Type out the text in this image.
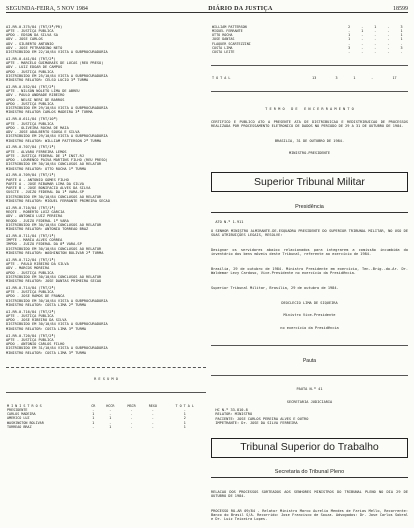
SEGUNDA-FEIRA, 5 NOV 1984	DIÁRIO DA JUSTIÇA	18599

AI.RR-0.375/84 (TRT/3ª/PR)
APTE - JUSTIÇA PUBLICA
APDO - EDSON DA SILVA SA
ADV - JOSE CARLOS
ADV - GILBERTO ANTONIO
ADV - JOSE PETRARDINO NETO
DISTRIBUIDO EM 22/10/84 VISTA A SUBPROCURADORIA
AI.RR-0.441/84 (TRT/2ª)
APTE - MARCELO GUIMARAES DE LUCAS (REU PRESO)
ADV - LUIZ EDGAR DE CAMPOS
APDO - JUSTIÇA PUBLICA
DISTRIBUIDO EM 25/10/84 VISTA A SUBPROCURADORIA
MINISTRO RELATOR: CELSO LUCIO 3ª TURMA
AI.RR-0.552/84 (TRT/2ª)
APTE - NILSON NOLETO LIMA DE ABREU
ADV - PAULO ANDRADE RIBEIRO
APDO - NELSI NERI DE BARROS
APDO - JUSTIÇA PUBLICA
DISTRIBUIDO EM 29/10/84 VISTA A SUBPROCURADORIA
MINISTRO RELATOR CARLOS MADEIRA 3ª TURMA
AI.RR-0.611/84 (TRT/10ª)
APTE - JUSTIÇA PUBLICA
APDO - OLIVEIRA ROCHA DE MAIA
ADV - JOSE ADALBERTO SOUSA E SILVA
DISTRIBUIDO EM 29/10/84 VISTA A SUBPROCURADORIA
MINISTRO RELATOR: WILLIAM PATTERSON 2ª TURMA
AI.RR-0.707/84 (TRT/1ª)
APTE - ALVARO FERREIRA LEMOS
APTE - JUSTIÇA FEDERAL DE 1ª INST-RJ
APDO - LOURENCO PAIVA MARTINS FILHO (REU PRESO)
DISTRIBUIDO EM 30/10/84 CONCLUSOS AO RELATOR
MINISTRO RELATOR: OTTO ROCHA 1ª TURMA
AI.RR-0.709/84 (TRT/1ª)
PARTE A - ANTONIO GOMES FILHO
PARTE A - JOSE RIBAMAR LIMA DA SILVA
PARTE B - JOSE BONIFACIO ALVES DA SILVA
SUSCTE - JUIZO FEDERAL DA 1ª VARA-SP
DISTRIBUIDO EM 30/10/84 CONCLUSOS AO RELATOR
MINISTRO RELATOR: MIGUEL FERRANTE PRIMEIRA SECAO
AI.RR-0.710/84 (TRT/1ª)
REQTE - ROBERTO LUIZ GARCIA
ADV - ANTONIO LUIZ PEREIRA
REQDO - JUIZO FEDERAL 1ª VARA
DISTRIBUIDO EM 30/10/84 CONCLUSOS AO RELATOR
MINISTRO RELATOR: ANTONIO TORREAO BRAZ
AI.RR-0.711/84 (TRT/1ª)
IMPTE - MARIA ALVES CORREA
IMPDO - JUIZO FEDERAL DA 8ª VARA-SP
DISTRIBUIDO EM 30/10/84 CONCLUSOS AO RELATOR
MINISTRO RELATOR: WASHINGTON BOLIVAR 2ª TURMA
AI.RR-0.712/84 (TRT/1ª)
APTE - PAULO RIBEIRO DA SILVA
ADV - MARCOS MOREIRA
APDO - JUSTIÇA PUBLICA
DISTRIBUIDO EM 30/10/84 CONCLUSOS AO RELATOR
MINISTRO RELATOR: JOSE DANTAS PRIMEIRA SECAO
AI.RR-0.714/84 (TRT/2ª)
APTE - JUSTIÇA PUBLICA
APDO - JOSE RAMOS DE FRANCA
DISTRIBUIDO EM 30/10/84 VISTA A SUBPROCURADORIA
MINISTRO RELATOR: COSTA LIMA 2ª TURMA
AI.RR-0.716/84 (TRT/2ª)
APTE - JUSTIÇA PUBLICA
APDO - JOSE RIBEIRO DA SILVA
DISTRIBUIDO EM 30/10/84 VISTA A SUBPROCURADORIA
MINISTRO RELATOR: COSTA LIMA 3ª TURMA
AI.RR-0.720/84 (TRT/2ª)
APTE - JUSTIÇA PUBLICA
APDO - ANTONIO CARLOS FILHO
DISTRIBUIDO EM 31/10/84 VISTA A SUBPROCURADORIA
MINISTRO RELATOR: COSTA LIMA 3ª TURMA

R E S U M O

M I N I S T R O S	CR	HCCR	MSCR	REXO	T O T A L
PRESIDENTE	-	-	-	-	-
CARLOS MADEIRA	1	-	-	-	1
AMERICO LUZ	1	1	-	-	2
WASHINGTON BOLIVAR	1	-	-	-	1
TORREAO BRAZ	-	1	-	-	1

WILLIAM PATTERSON	2	-	1	-	3
MIGUEL FERRANTE	-	1	-	-	1
OTTO ROCHA	1	-	-	-	1
JOSE DANTAS	1	-	-	-	1
FLAQUER SCARTEZZINI	-	-	-	-	-
COSTA LIMA	3	-	-	-	3
COSTA LEITE	-	-	-	-	-

T O T A L	13	3	1	-	17

T E R M O   D E   E N C E R R A M E N T O

CERTIFICO E PUBLICO ATO A PRESENTE ATA DE DISTRIBUICAO E REDISTRIBUICAO DE PROCESSOS REALIZADA POR PROCESSAMENTO ELETRONICO DE DADOS NO PERIODO DE 29 A 31 DE OUTUBRO DE 1984.

BRASILIA, 31 DE OUTUBRO DE 1984.

MINISTRO-PRESIDENTE

Superior Tribunal Militar

Presidência

ATO N.º 1.911

O SENHOR MINISTRO ALMIRANTE-DE-ESQUADRA PRESIDENTE DO SUPERIOR TRIBUNAL MILITAR, NO USO DE SUAS ATRIBUIÇÕES LEGAIS, RESOLVE:

Designar os servidores abaixo relacionados para integrarem a comissão incumbida do inventário dos bens móveis deste Tribunal, referente ao exercício de 1984.

Brasília, 29 de outubro de 1984. Ministro Presidente em exercício, Ten.-Brig.-do-Ar. Dr. Waldemar Levy Cardoso, Vice-Presidente no exercício da Presidência.

Superior Tribunal Militar, Brasília, 29 de outubro de 1984.

DEOCLECIO LIMA DE SIQUEIRA

Ministro Vice-Presidente

no exercício da Presidência

Pauta

PAUTA N.º 41

SECRETARIA JUDICIARIA

HC N.º 33.810-8
RELATOR: MINISTRO
PACIENTE: JOSE CARLOS PEREIRA ALVES E OUTRO
IMPETRANTE: Dr. JOSE DA SILVA FERREIRA

Tribunal Superior do Trabalho

Secretaria do Tribunal Pleno

RELACAO DOS PROCESSOS SORTEADOS AOS SENHORES MINISTROS DO TRIBUNAL PLENO NO DIA 29 DE OUTUBRO DE 1984.

PROCESSO RO-AR 09/84 - Relator Ministro Marco Aurelio Mendes de Farias Mello, Recorrente: Banco do Brasil S/A. Recorrido: Jose Francisco de Souza. Advogados: Dr. Jose Carlos Sobral e Dr. Luiz Teixeira Lopes.
